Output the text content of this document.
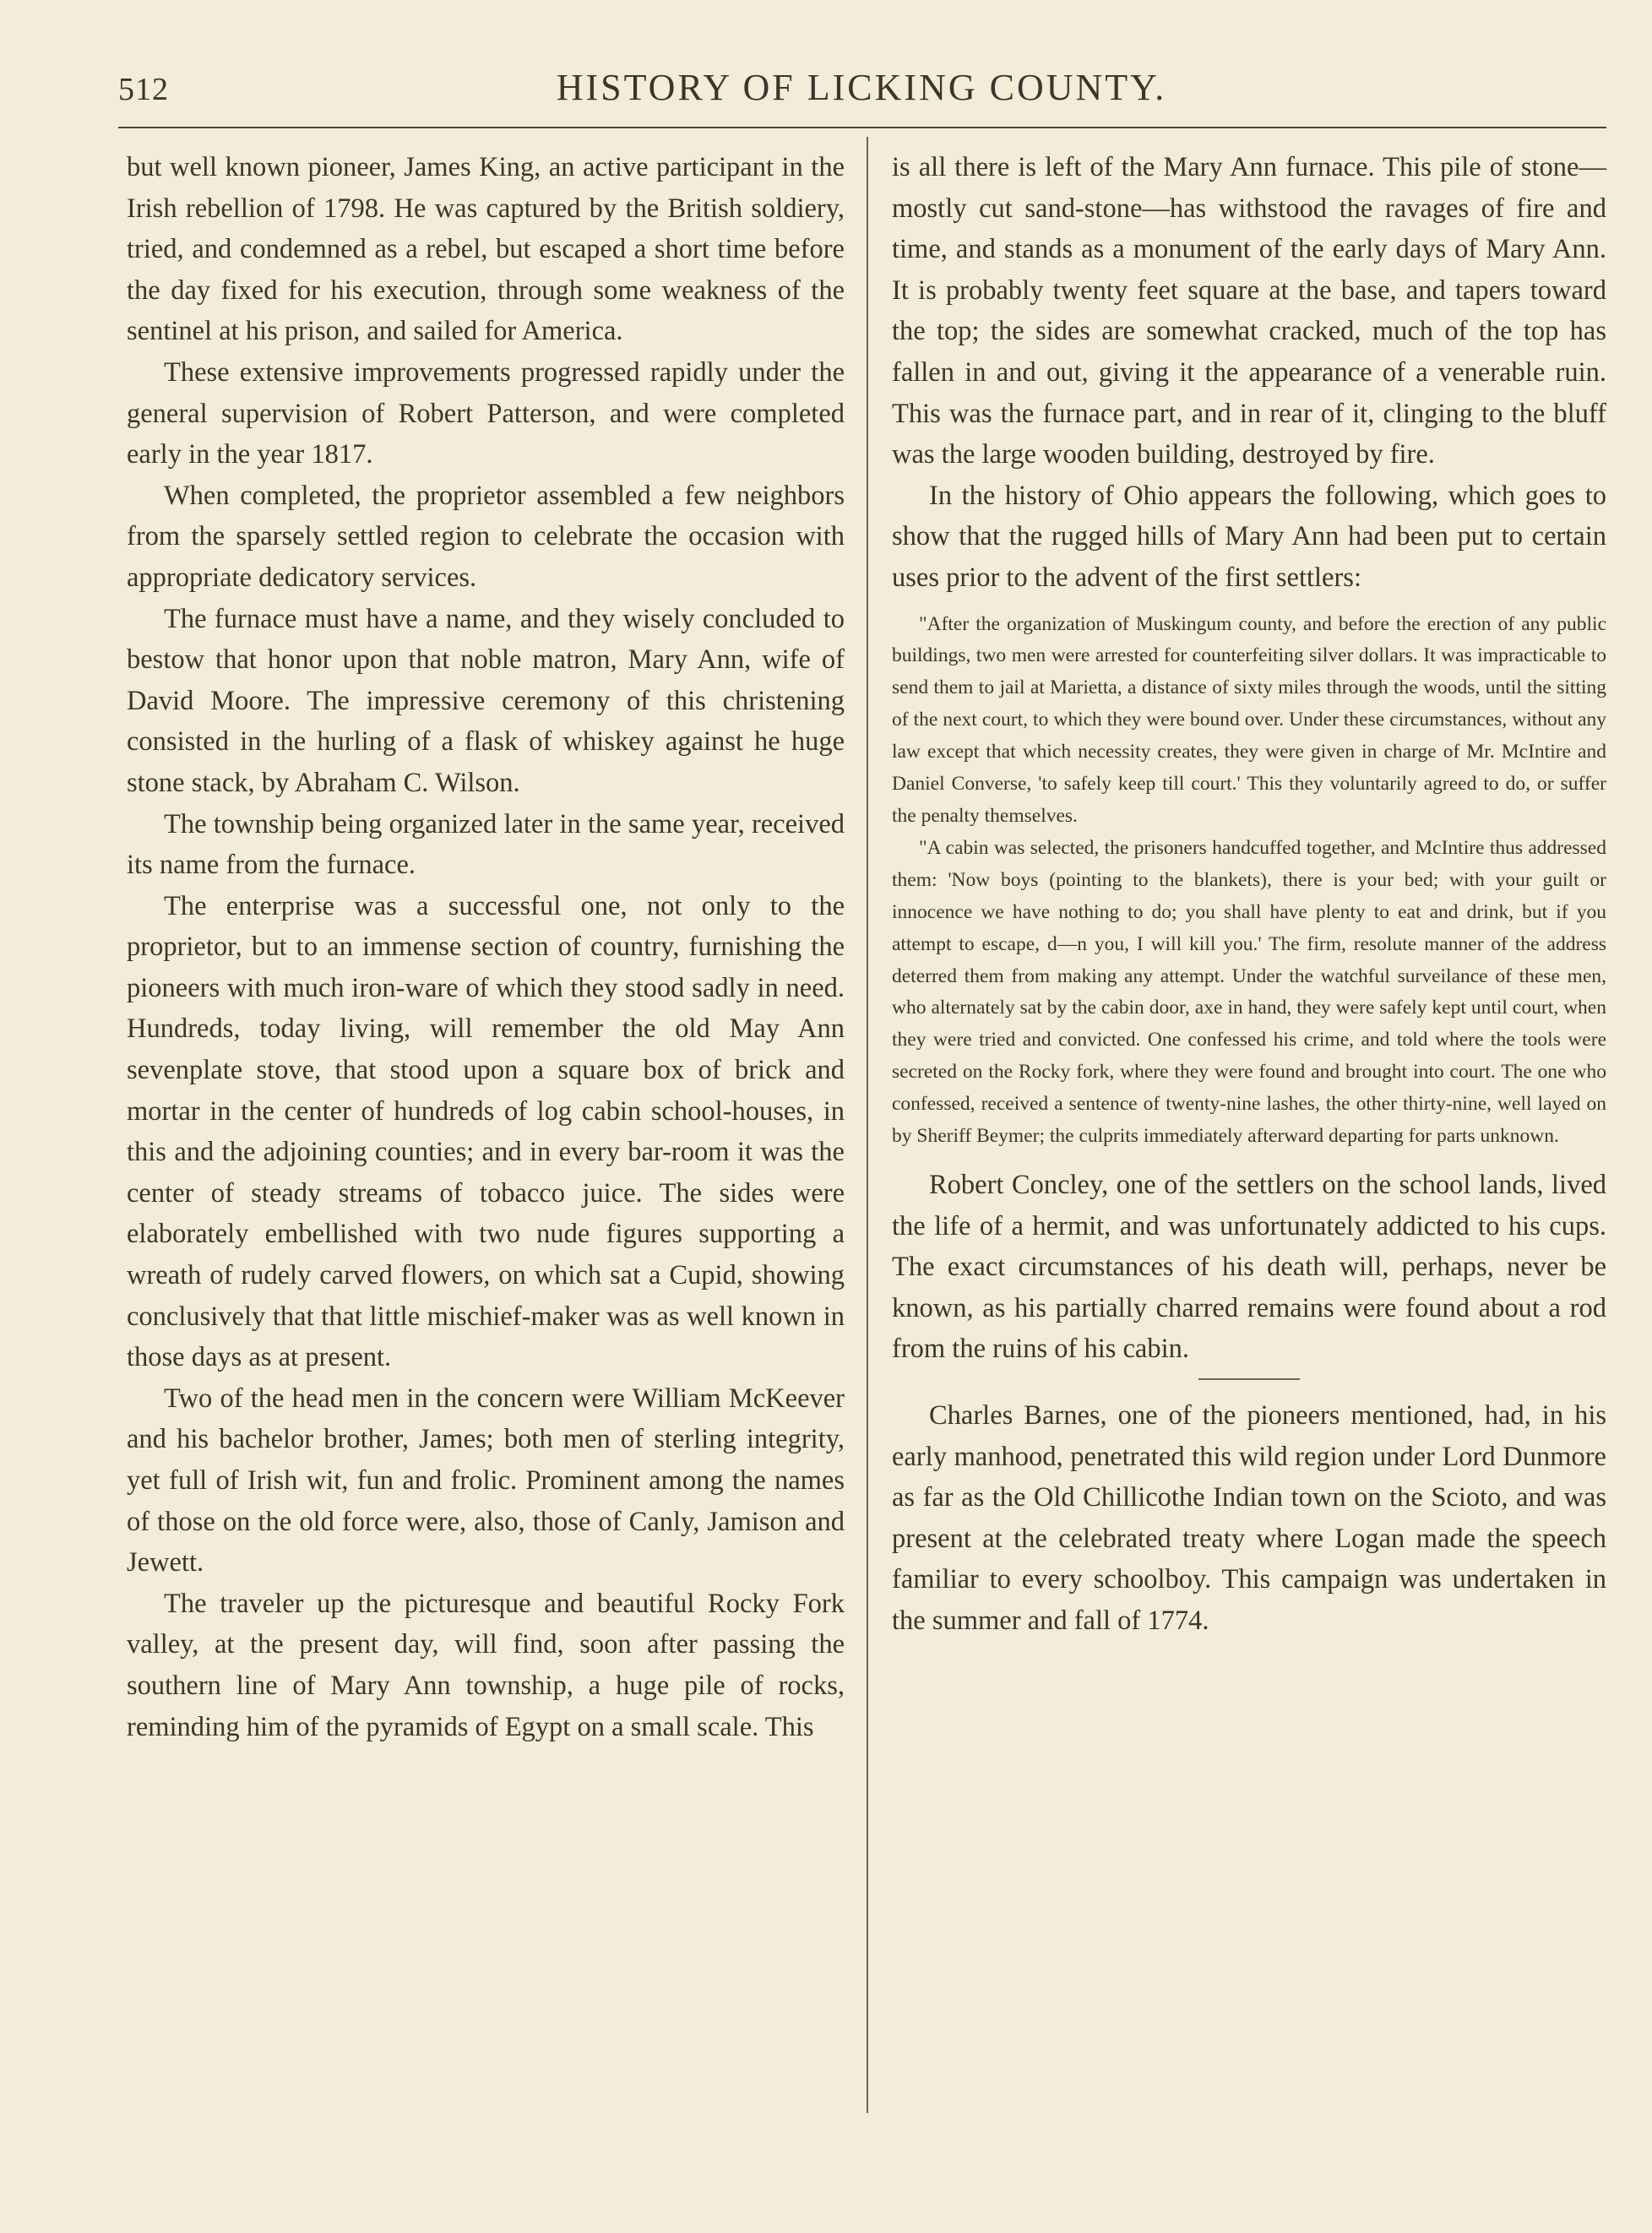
512	HISTORY OF LICKING COUNTY.

but well known pioneer, James King, an active participant in the Irish rebellion of 1798. He was captured by the British soldiery, tried, and condemned as a rebel, but escaped a short time before the day fixed for his execution, through some weakness of the sentinel at his prison, and sailed for America.

These extensive improvements progressed rapidly under the general supervision of Robert Patterson, and were completed early in the year 1817.

When completed, the proprietor assembled a few neighbors from the sparsely settled region to celebrate the occasion with appropriate dedicatory services.

The furnace must have a name, and they wisely concluded to bestow that honor upon that noble matron, Mary Ann, wife of David Moore. The impressive ceremony of this christening consisted in the hurling of a flask of whiskey against he huge stone stack, by Abraham C. Wilson.

The township being organized later in the same year, received its name from the furnace.

The enterprise was a successful one, not only to the proprietor, but to an immense section of country, furnishing the pioneers with much iron-ware of which they stood sadly in need. Hundreds, today living, will remember the old May Ann sevenplate stove, that stood upon a square box of brick and mortar in the center of hundreds of log cabin school-houses, in this and the adjoining counties; and in every bar-room it was the center of steady streams of tobacco juice. The sides were elaborately embellished with two nude figures supporting a wreath of rudely carved flowers, on which sat a Cupid, showing conclusively that that little mischief-maker was as well known in those days as at present.

Two of the head men in the concern were William McKeever and his bachelor brother, James; both men of sterling integrity, yet full of Irish wit, fun and frolic. Prominent among the names of those on the old force were, also, those of Canly, Jamison and Jewett.

The traveler up the picturesque and beautiful Rocky Fork valley, at the present day, will find, soon after passing the southern line of Mary Ann township, a huge pile of rocks, reminding him of the pyramids of Egypt on a small scale. This

is all there is left of the Mary Ann furnace. This pile of stone—mostly cut sand-stone—has withstood the ravages of fire and time, and stands as a monument of the early days of Mary Ann. It is probably twenty feet square at the base, and tapers toward the top; the sides are somewhat cracked, much of the top has fallen in and out, giving it the appearance of a venerable ruin. This was the furnace part, and in rear of it, clinging to the bluff was the large wooden building, destroyed by fire.

In the history of Ohio appears the following, which goes to show that the rugged hills of Mary Ann had been put to certain uses prior to the advent of the first settlers:

"After the organization of Muskingum county, and before the erection of any public buildings, two men were arrested for counterfeiting silver dollars. It was impracticable to send them to jail at Marietta, a distance of sixty miles through the woods, until the sitting of the next court, to which they were bound over. Under these circumstances, without any law except that which necessity creates, they were given in charge of Mr. McIntire and Daniel Converse, 'to safely keep till court.' This they voluntarily agreed to do, or suffer the penalty themselves.

"A cabin was selected, the prisoners handcuffed together, and McIntire thus addressed them: 'Now boys (pointing to the blankets), there is your bed; with your guilt or innocence we have nothing to do; you shall have plenty to eat and drink, but if you attempt to escape, d—n you, I will kill you.' The firm, resolute manner of the address deterred them from making any attempt. Under the watchful surveilance of these men, who alternately sat by the cabin door, axe in hand, they were safely kept until court, when they were tried and convicted. One confessed his crime, and told where the tools were secreted on the Rocky fork, where they were found and brought into court. The one who confessed, received a sentence of twenty-nine lashes, the other thirty-nine, well layed on by Sheriff Beymer; the culprits immediately afterward departing for parts unknown.

Robert Concley, one of the settlers on the school lands, lived the life of a hermit, and was unfortunately addicted to his cups. The exact circumstances of his death will, perhaps, never be known, as his partially charred remains were found about a rod from the ruins of his cabin.

Charles Barnes, one of the pioneers mentioned, had, in his early manhood, penetrated this wild region under Lord Dunmore as far as the Old Chillicothe Indian town on the Scioto, and was present at the celebrated treaty where Logan made the speech familiar to every schoolboy. This campaign was undertaken in the summer and fall of 1774.
